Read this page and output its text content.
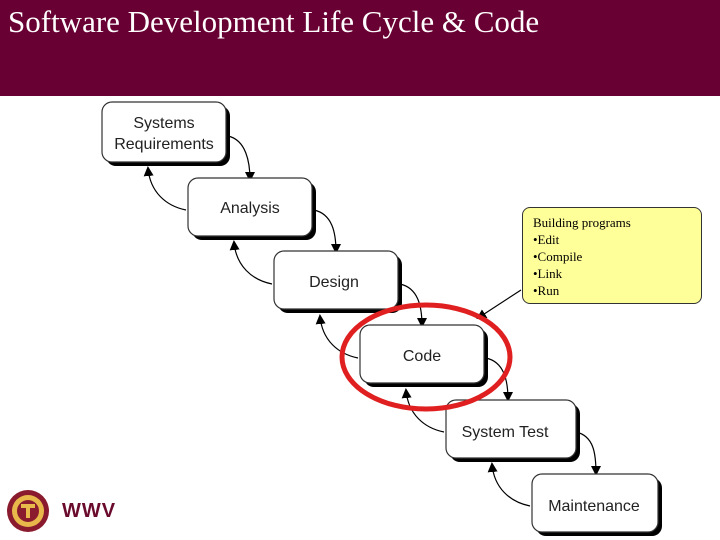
Software Development Life Cycle & Code
Systems
Requirements
Analysis
Design
Code
System Test
Maintenance
Building programs
•Edit
•Compile
•Link
•Run
WWV
